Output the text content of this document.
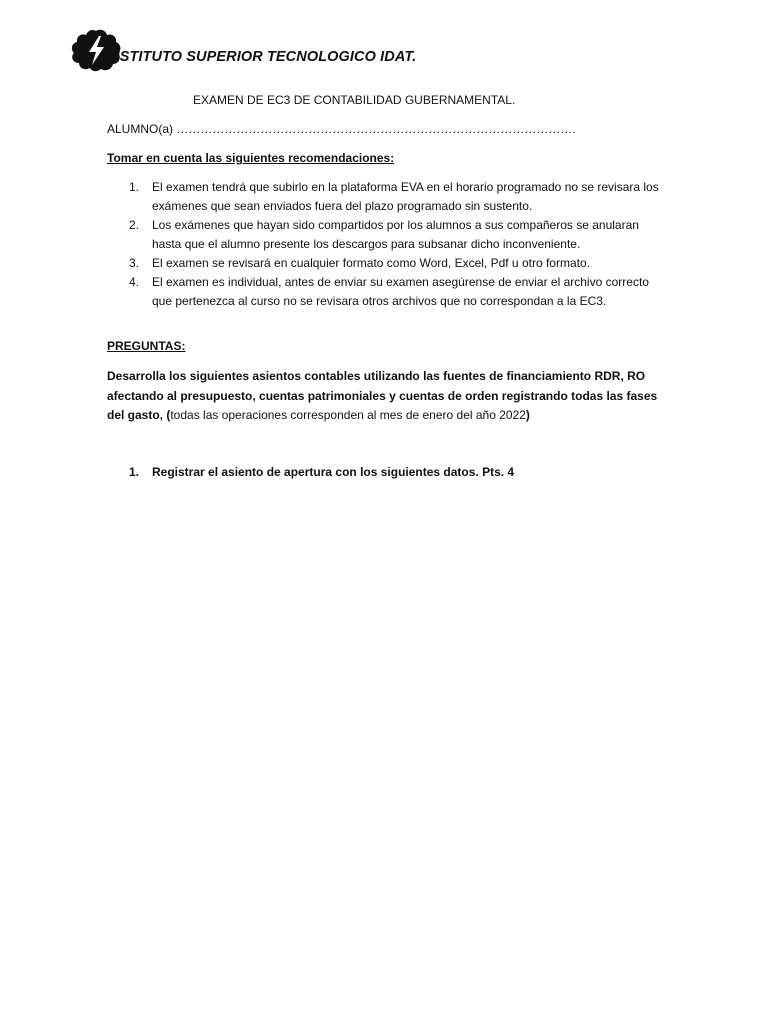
INSTITUTO SUPERIOR TECNOLOGICO IDAT.
EXAMEN DE EC3 DE CONTABILIDAD GUBERNAMENTAL.
ALUMNO(a) ……………………………………………………………………………………….
Tomar en cuenta las siguientes recomendaciones:
1. El examen tendrá que subirlo en la plataforma EVA en el horario programado no se revisara los exámenes que sean enviados fuera del plazo programado sin sustento.
2. Los exámenes que hayan sido compartidos por los alumnos a sus compañeros se anularan hasta que el alumno presente los descargos para subsanar dicho inconveniente.
3. El examen se revisará en cualquier formato como Word, Excel, Pdf u otro formato.
4. El examen es individual, antes de enviar su examen asegúrense de enviar el archivo correcto que pertenezca al curso no se revisara otros archivos que no correspondan a la EC3.
PREGUNTAS:
Desarrolla los siguientes asientos contables utilizando las fuentes de financiamiento RDR, RO afectando al presupuesto, cuentas patrimoniales y cuentas de orden registrando todas las fases del gasto, (todas las operaciones corresponden al mes de enero del año 2022)
1. Registrar el asiento de apertura con los siguientes datos. Pts. 4
